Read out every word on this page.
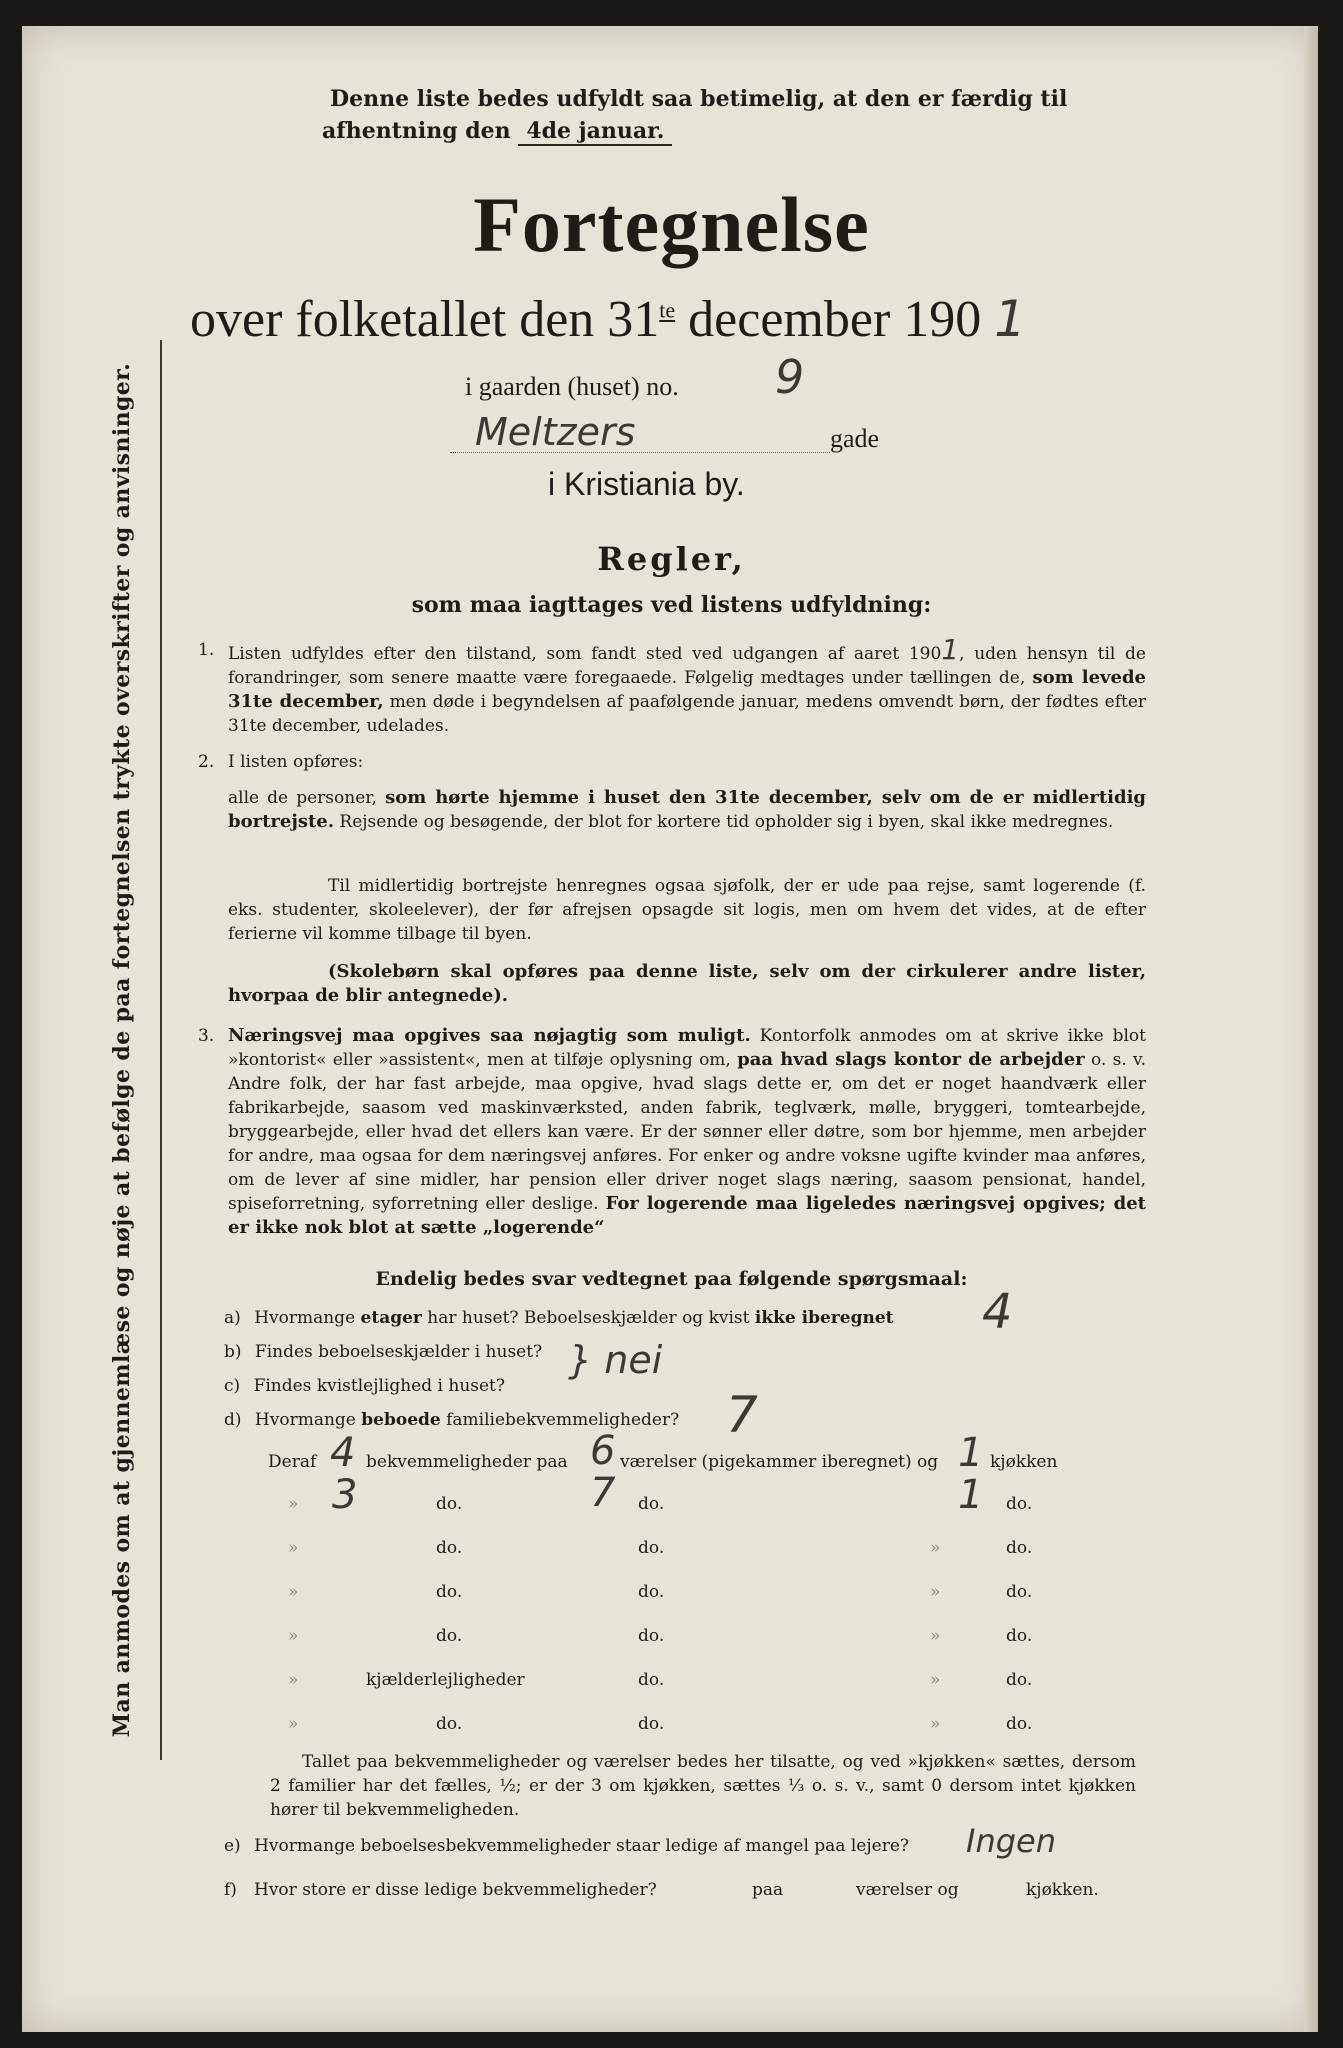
Denne liste bedes udfyldt saa betimelig, at den er færdig til
afhentning den 4de januar.
Fortegnelse
over folketallet den $31^{te}$ december 190 1
i gaarden (huset) no. 9
Meltzers	gade
i Kristiania by.
Man anmodes om at gjennemlæse og nøje at befølge de paa fortegnelsen trykte overskrifter og anvisninger.	Regler,
som maa iagttages ved listens udfyldning:
1. Listen udfyldes efter den tilstand, som fandt sted ved udgangen af aaret 1901, uden hensyn til de forandringer, som senere maatte være foregaaede. Følgelig medtages under tællingen de, som levede 31te december, men døde i begyndelsen af paafølgende januar, medens omvendt børn, der fødtes efter 31te december, udelades.
2. I listen opføres:
alle de personer, som hørte hjemme i huset den 31te december, selv om de er midlertidig bortrejste. Rejsende og besøgende, der blot for kortere tid opholder sig i byen, skal ikke medregnes.
Til midlertidig bortrejste henregnes ogsaa sjøfolk, der er ude paa rejse, samt logerende (f. eks. studenter, skoleelever), der før afrejsen opsagde sit logis, men om hvem det vides, at de efter ferierne vil komme tilbage til byen.
(Skolebørn skal opføres paa denne liste, selv om der cirkulerer andre lister, hvorpaa de blir antegnede).
3. Næringsvej maa opgives saa nøjagtig som muligt. Kontorfolk anmodes om at skrive ikke blot »kontorist« eller »assistent«, men at tilføje oplysning om, paa hvad slags kontor de arbejder o. s. v. Andre folk, der har fast arbejde, maa opgive, hvad slags dette er, om det er noget haandværk eller fabrikarbejde, saasom ved maskinværksted, anden fabrik, teglværk, mølle, bryggeri, tomtearbejde, bryggearbejde, eller hvad det ellers kan være. Er der sønner eller døtre, som bor hjemme, men arbejder for andre, maa ogsaa for dem næringsvej anføres. For enker og andre voksne ugifte kvinder maa anføres, om de lever af sine midler, har pension eller driver noget slags næring, saasom pensionat, handel, spiseforretning, syforretning eller deslige. For logerende maa ligeledes næringsvej opgives; det er ikke nok blot at sætte „logerende“
Endelig bedes svar vedtegnet paa følgende spørgsmaal:
a) Hvormange etager har huset? Beboelseskjælder og kvist ikke iberegnet 4
b) Findes beboelseskjælder i huset? } nei
c) Findes kvistlejlighed i huset?
d) Hvormange beboede familiebekvemmeligheder? 7
Deraf 4 bekvemmeligheder paa 6 værelser (pigekammer iberegnet) og 1 kjøkken
» 3	do.	7 do.	1 do.
»	do.	do.	»	do.
»	do.	do.	»	do.
»	do.	do.	»	do.
»	kjælderlejligheder	do.	»	do.
»	do.	do.	»	do.
Tallet paa bekvemmeligheder og værelser bedes her tilsatte, og ved »kjøkken« sættes, dersom 2 familier har det fælles, ½; er der 3 om kjøkken, sættes ⅓ o. s. v., samt 0 dersom intet kjøkken hører til bekvemmeligheden.
e) Hvormange beboelsesbekvemmeligheder staar ledige af mangel paa lejere? Ingen
f) Hvor store er disse ledige bekvemmeligheder?	paa	værelser og	kjøkken.
